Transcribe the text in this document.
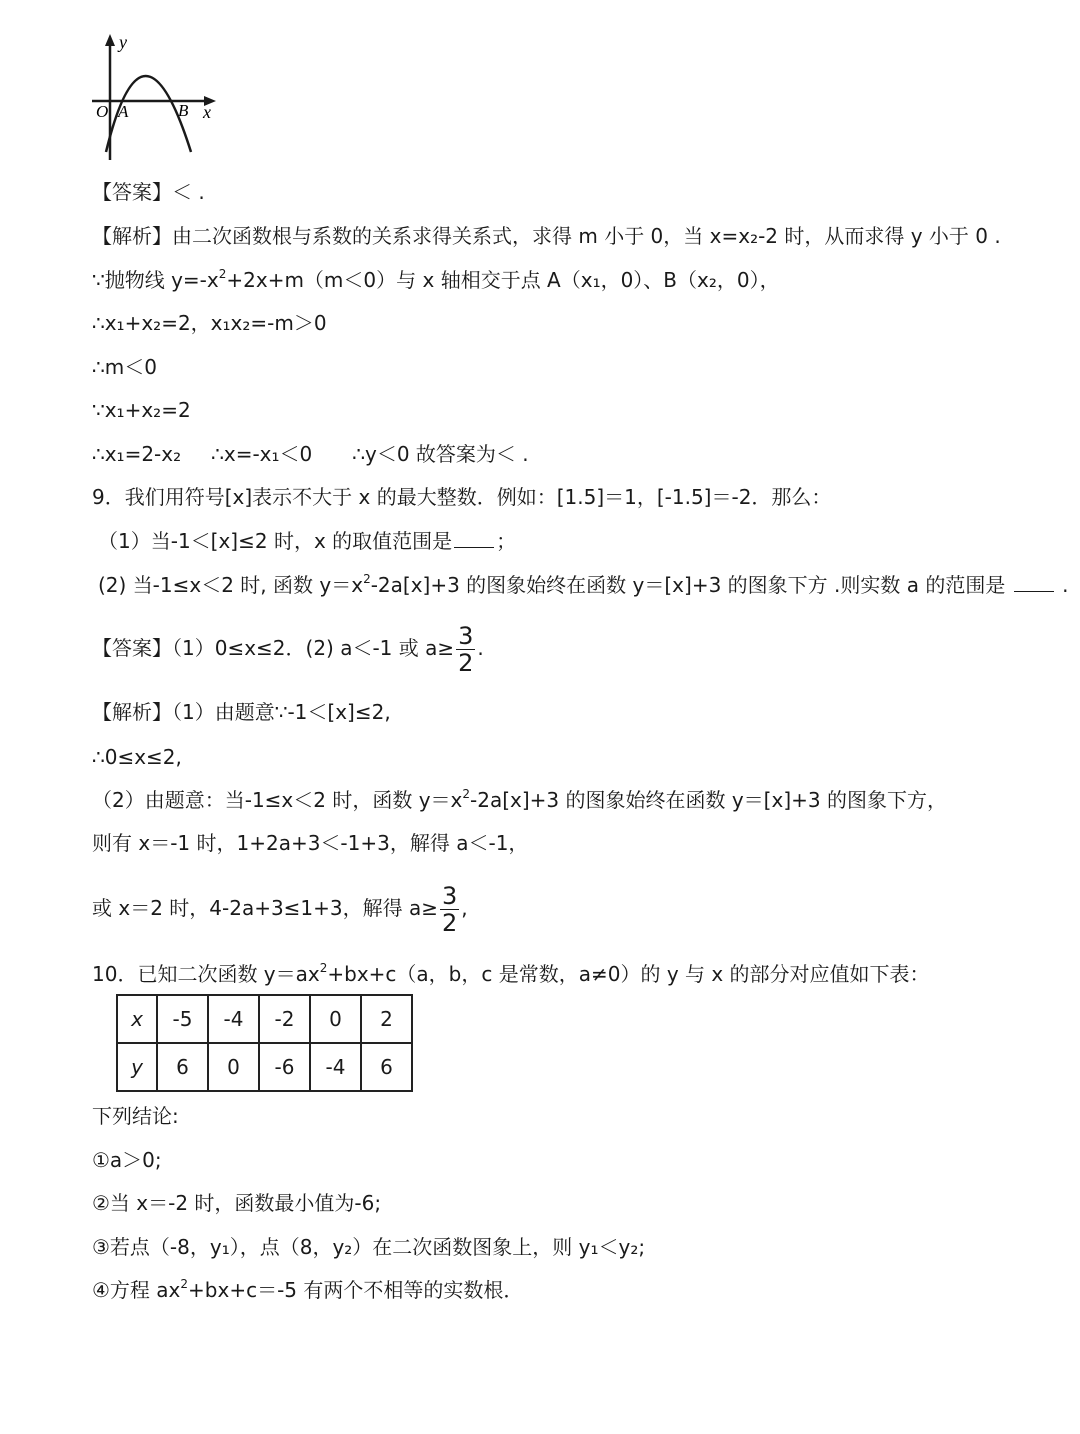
y
x
O A	B
【答案】＜ .
【解析】由二次函数根与系数的关系求得关系式，求得 m 小于 0，当 x=x₂-2 时，从而求得 y 小于 0 .
∵抛物线 $y=-x^2+2x+m(m<0)$与 x 轴相交于点 A（x₁，0）、B（x₂，0），
∴x₁+x₂=2，x₁x₂=-m＞0
∴m＜0
∵x₁+x₂=2
∴x₁=2-x₂ ∴x=-x₁＜0 ∴y＜0 故答案为＜ .
9．我们用符号[x]表示不大于 x 的最大整数．例如：[1.5]＝1，[-1.5]＝-2．那么：
（1）当-1＜[x]≤2 时，x 的取值范围是 ；
(2) 当-1≤x＜2 时, 函数 $y=x^2-2a[x]+3$ 的图象始终在函数 y＝[x]+3 的图象下方 .则实数 a 的范围是	.
【答案】（1）0≤x≤2．(2) a＜-1 或 $a\ge \frac{3}{2}$ .
【解析】（1）由题意∵-1＜[x]≤2,
∴0≤x≤2,
（2）由题意：当-1≤x＜2 时，函数 $y=x^2-2a[x]+3$ 的图象始终在函数 y＝[x]+3 的图象下方，
则有 x＝-1 时，1+2a+3＜-1+3，解得 a＜-1，
或 x＝2 时，4-2a+3≤1+3，解得 $a\ge \frac{3}{2}$ ,
10．已知二次函数 $y=ax^2+bx+c(a$，b，c 是常数，a≠0）的 y 与 x 的部分对应值如下表：
x	-5	-4	-2	0	2
y	6	0	-6	-4	6
下列结论:
①a＞0;
②当 x＝-2 时，函数最小值为-6;
③若点（-8，y₁），点（8，y₂）在二次函数图象上，则 y₁＜y₂;
④方程 $ax^2+bx+c=-5$ 有两个不相等的实数根．
